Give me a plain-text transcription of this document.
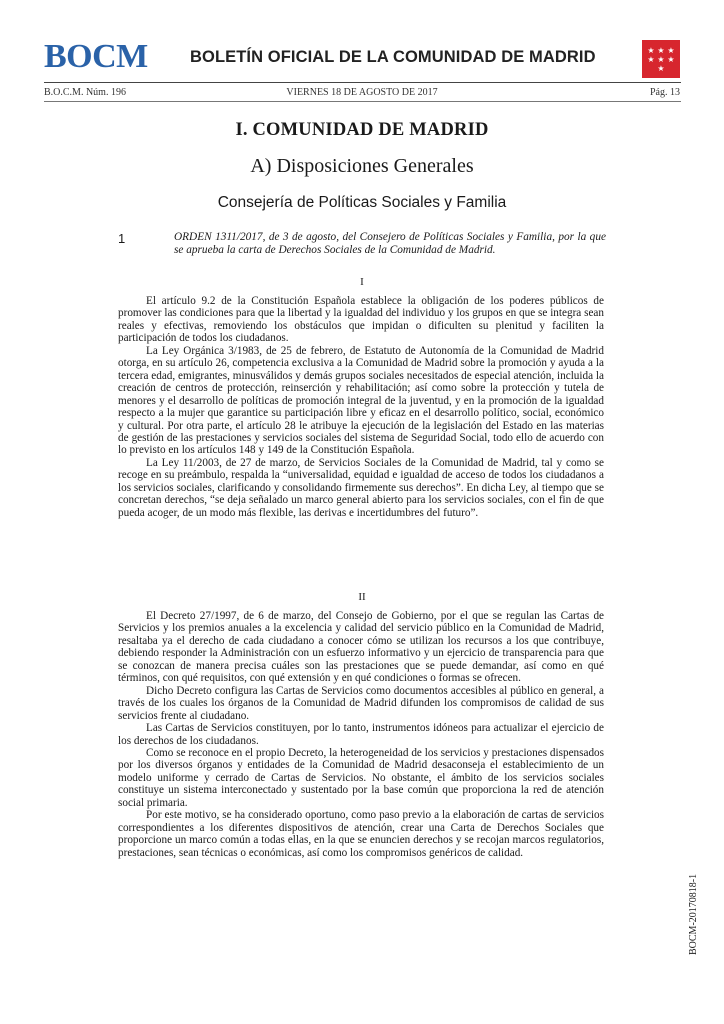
BOCM	BOLETÍN OFICIAL DE LA COMUNIDAD DE MADRID	★ ★ ★
★ ★ ★
★
B.O.C.M. Núm. 196	VIERNES 18 DE AGOSTO DE 2017	Pág. 13
I. COMUNIDAD DE MADRID
A) Disposiciones Generales
Consejería de Políticas Sociales y Familia
1	ORDEN 1311/2017, de 3 de agosto, del Consejero de Políticas Sociales y Familia, por la que se aprueba la carta de Derechos Sociales de la Comunidad de Madrid.
I

El artículo 9.2 de la Constitución Española establece la obligación de los poderes públicos de promover las condiciones para que la libertad y la igualdad del individuo y los grupos en que se integra sean reales y efectivas, removiendo los obstáculos que impidan o dificulten su plenitud y faciliten la participación de todos los ciudadanos.

La Ley Orgánica 3/1983, de 25 de febrero, de Estatuto de Autonomía de la Comunidad de Madrid otorga, en su artículo 26, competencia exclusiva a la Comunidad de Madrid sobre la promoción y ayuda a la tercera edad, emigrantes, minusválidos y demás grupos sociales necesitados de especial atención, incluida la creación de centros de protección, reinserción y rehabilitación; así como sobre la protección y tutela de menores y el desarrollo de políticas de promoción integral de la juventud, y en la promoción de la igualdad respecto a la mujer que garantice su participación libre y eficaz en el desarrollo político, social, económico y cultural. Por otra parte, el artículo 28 le atribuye la ejecución de la legislación del Estado en las materias de gestión de las prestaciones y servicios sociales del sistema de Seguridad Social, todo ello de acuerdo con lo previsto en los artículos 148 y 149 de la Constitución Española.

La Ley 11/2003, de 27 de marzo, de Servicios Sociales de la Comunidad de Madrid, tal y como se recoge en su preámbulo, respalda la “universalidad, equidad e igualdad de acceso de todos los ciudadanos a los servicios sociales, clarificando y consolidando firmemente sus derechos”. En dicha Ley, al tiempo que se concretan derechos, “se deja señalado un marco general abierto para los servicios sociales, con el fin de que pueda acoger, de un modo más flexible, las derivas e incertidumbres del futuro”.

II

El Decreto 27/1997, de 6 de marzo, del Consejo de Gobierno, por el que se regulan las Cartas de Servicios y los premios anuales a la excelencia y calidad del servicio público en la Comunidad de Madrid, resaltaba ya el derecho de cada ciudadano a conocer cómo se utilizan los recursos a los que contribuye, debiendo responder la Administración con un esfuerzo informativo y un ejercicio de transparencia para que se conozcan de manera precisa cuáles son las prestaciones que se puede demandar, así como en qué términos, con qué requisitos, con qué extensión y en qué condiciones o formas se ofrecen.

Dicho Decreto configura las Cartas de Servicios como documentos accesibles al público en general, a través de los cuales los órganos de la Comunidad de Madrid difunden los compromisos de calidad de sus servicios frente al ciudadano.

Las Cartas de Servicios constituyen, por lo tanto, instrumentos idóneos para actualizar el ejercicio de los derechos de los ciudadanos.

Como se reconoce en el propio Decreto, la heterogeneidad de los servicios y prestaciones dispensados por los diversos órganos y entidades de la Comunidad de Madrid desaconseja el establecimiento de un modelo uniforme y cerrado de Cartas de Servicios. No obstante, el ámbito de los servicios sociales constituye un sistema interconectado y sustentado por la base común que proporciona la red de atención social primaria.

Por este motivo, se ha considerado oportuno, como paso previo a la elaboración de cartas de servicios correspondientes a los diferentes dispositivos de atención, crear una Carta de Derechos Sociales que proporcione un marco común a todas ellas, en la que se enuncien derechos y se recojan marcos regulatorios, prestaciones, sean técnicas o económicas, así como los compromisos genéricos de calidad.

BOCM-20170818-1
